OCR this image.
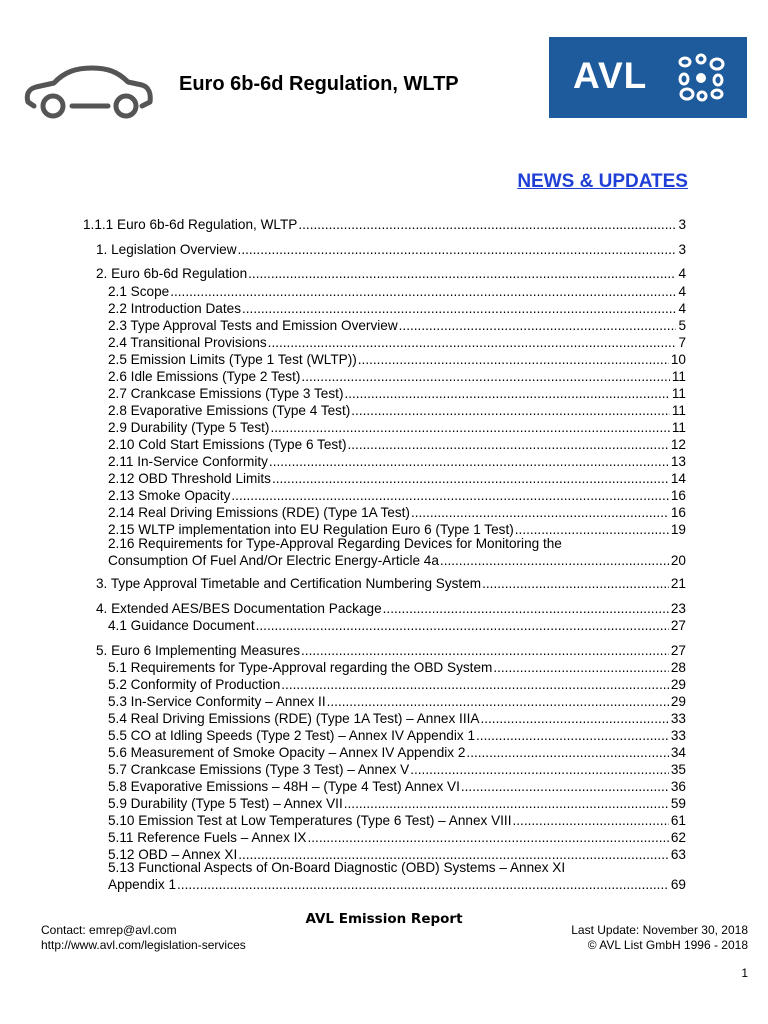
Euro 6b-6d Regulation, WLTP	AVL
NEWS & UPDATES
1.1.1 Euro 6b-6d Regulation, WLTP .....	3
1. Legislation Overview .....	3
2. Euro 6b-6d Regulation .....	4
2.1 Scope .....	4
2.2 Introduction Dates .....	4
2.3 Type Approval Tests and Emission Overview .....	5
2.4 Transitional Provisions .....	7
2.5 Emission Limits (Type 1 Test (WLTP)) .....	10
2.6 Idle Emissions (Type 2 Test) .....	11
2.7 Crankcase Emissions (Type 3 Test) .....	11
2.8 Evaporative Emissions (Type 4 Test) .....	11
2.9 Durability (Type 5 Test) .....	11
2.10 Cold Start Emissions (Type 6 Test) .....	12
2.11 In-Service Conformity .....	13
2.12 OBD Threshold Limits .....	14
2.13 Smoke Opacity .....	16
2.14 Real Driving Emissions (RDE) (Type 1A Test) .....	16
2.15 WLTP implementation into EU Regulation Euro 6 (Type 1 Test) .....	19
2.16 Requirements for Type-Approval Regarding Devices for Monitoring the
Consumption Of Fuel And/Or Electric Energy-Article 4a .....	20
3. Type Approval Timetable and Certification Numbering System .....	21
4. Extended AES/BES Documentation Package .....	23
4.1 Guidance Document .....	27
5. Euro 6 Implementing Measures .....	27
5.1 Requirements for Type-Approval regarding the OBD System .....	28
5.2 Conformity of Production .....	29
5.3 In-Service Conformity – Annex II .....	29
5.4 Real Driving Emissions (RDE) (Type 1A Test) – Annex IIIA .....	33
5.5 CO at Idling Speeds (Type 2 Test) – Annex IV Appendix 1 .....	33
5.6 Measurement of Smoke Opacity – Annex IV Appendix 2 .....	34
5.7 Crankcase Emissions (Type 3 Test) – Annex V .....	35
5.8 Evaporative Emissions – 48H – (Type 4 Test) Annex VI .....	36
5.9 Durability (Type 5 Test) – Annex VII .....	59
5.10 Emission Test at Low Temperatures (Type 6 Test) – Annex VIII .....	61
5.11 Reference Fuels – Annex IX .....	62
5.12 OBD – Annex XI .....	63
5.13 Functional Aspects of On-Board Diagnostic (OBD) Systems – Annex XI
Appendix 1 .....	69
AVL Emission Report
Contact: emrep@avl.com
http://www.avl.com/legislation-services
Last Update: November 30, 2018
© AVL List GmbH 1996 - 2018
1
